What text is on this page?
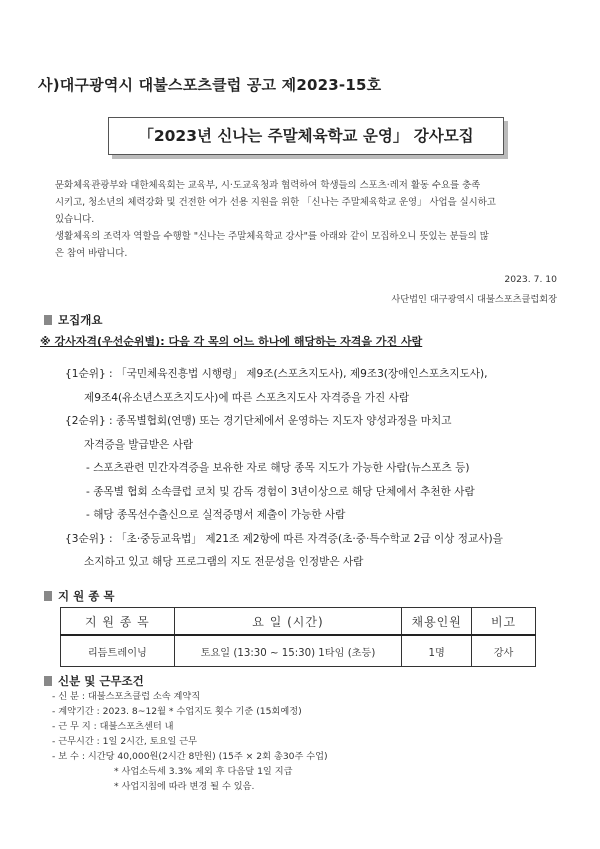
사)대구광역시 대불스포츠클럽 공고 제2023-15호
「2023년 신나는 주말체육학교 운영」 강사모집
문화체육관광부와 대한체육회는 교육부, 시·도교육청과 협력하여 학생들의 스포츠·레저 활동 수요를 충족
시키고, 청소년의 체력강화 및 건전한 여가 선용 지원을 위한 「신나는 주말체육학교 운영」 사업을 실시하고
있습니다.
생활체육의 조력자 역할을 수행할 "신나는 주말체육학교 강사"를 아래와 같이 모집하오니 뜻있는 분들의 많
은 참여 바랍니다.
2023. 7. 10
사단법인 대구광역시 대불스포츠클럽회장
모집개요
※ 강사자격(우선순위별): 다음 각 목의 어느 하나에 해당하는 자격을 가진 사람
{1순위} : 「국민체육진흥법 시행령」 제9조(스포츠지도사), 제9조3(장애인스포츠지도사),
제9조4(유소년스포츠지도사)에 따른 스포츠지도사 자격증을 가진 사람
{2순위} : 종목별협회(연맹) 또는 경기단체에서 운영하는 지도자 양성과정을 마치고
자격증을 발급받은 사람
- 스포츠관련 민간자격증을 보유한 자로 해당 종목 지도가 가능한 사람(뉴스포츠 등)
- 종목별 협회 소속클럽 코치 및 감독 경험이 3년이상으로 해당 단체에서 추천한 사람
- 해당 종목선수출신으로 실적증명서 제출이 가능한 사람
{3순위} : 「초·중등교육법」 제21조 제2항에 따른 자격증(초·중·특수학교 2급 이상 정교사)을
소지하고 있고 해당 프로그램의 지도 전문성을 인정받은 사람
지 원 종 목
지 원 종 목	요 일 (시간)	채용인원	비고
리듬트레이닝	토요일 (13:30 ~ 15:30) 1타임 (초등)	1명	강사
신분 및 근무조건
- 신 분 : 대불스포츠클럽 소속 계약직
- 계약기간 : 2023. 8~12월 * 수업지도 횟수 기준 (15회예정)
- 근 무 지 : 대불스포츠센터 내
- 근무시간 : 1일 2시간, 토요일 근무
- 보 수 : 시간당 40,000원(2시간 8만원) (15주 × 2회 총30주 수업)
* 사업소득세 3.3% 제외 후 다음달 1일 지급
* 사업지침에 따라 변경 될 수 있음.
